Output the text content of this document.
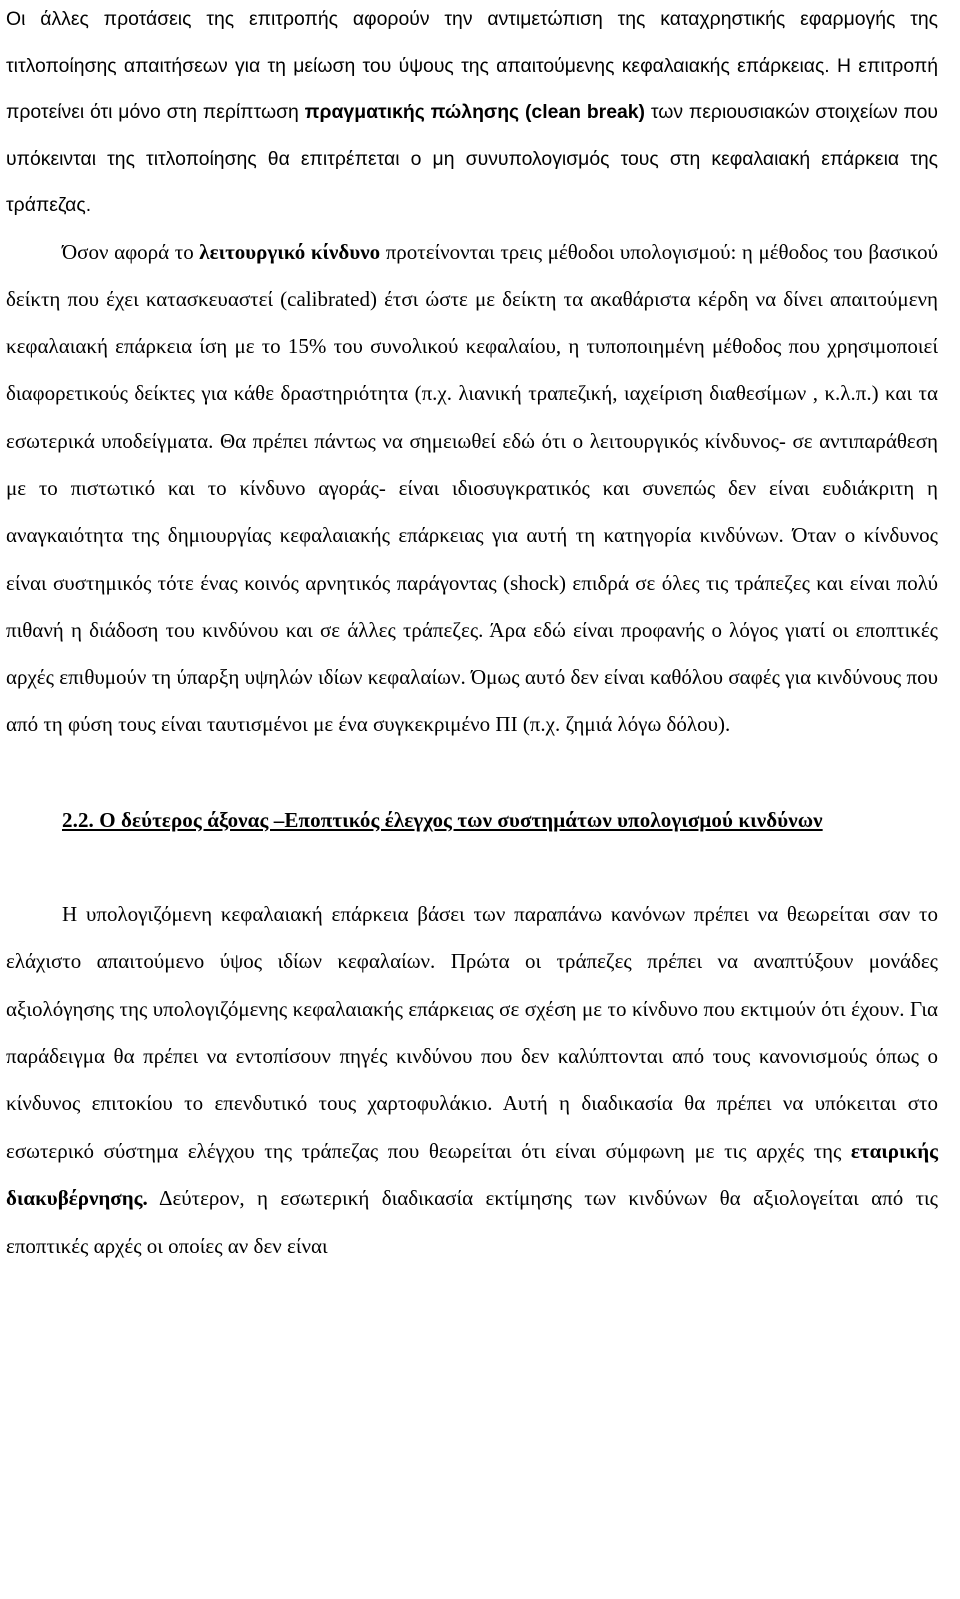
Οι άλλες προτάσεις της επιτροπής αφορούν την αντιμετώπιση της καταχρηστικής εφαρμογής της τιτλοποίησης απαιτήσεων για τη μείωση του ύψους της απαιτούμενης κεφαλαιακής επάρκειας. Η επιτροπή προτείνει ότι μόνο στη περίπτωση πραγματικής πώλησης (clean break) των περιουσιακών στοιχείων που υπόκεινται της τιτλοποίησης θα επιτρέπεται ο μη συνυπολογισμός τους στη κεφαλαιακή επάρκεια της τράπεζας.

Όσον αφορά το λειτουργικό κίνδυνο προτείνονται τρεις μέθοδοι υπολογισμού: η μέθοδος του βασικού δείκτη που έχει κατασκευαστεί (calibrated) έτσι ώστε με δείκτη τα ακαθάριστα κέρδη να δίνει απαιτούμενη κεφαλαιακή επάρκεια ίση με το 15% του συνολικού κεφαλαίου, η τυποποιημένη μέθοδος που χρησιμοποιεί διαφορετικούς δείκτες για κάθε δραστηριότητα (π.χ. λιανική τραπεζική, ιαχείριση διαθεσίμων , κ.λ.π.) και τα εσωτερικά υποδείγματα. Θα πρέπει πάντως να σημειωθεί εδώ ότι ο λειτουργικός κίνδυνος- σε αντιπαράθεση με το πιστωτικό και το κίνδυνο αγοράς- είναι ιδιοσυγκρατικός και συνεπώς δεν είναι ευδιάκριτη η αναγκαιότητα της δημιουργίας κεφαλαιακής επάρκειας για αυτή τη κατηγορία κινδύνων. Όταν ο κίνδυνος είναι συστημικός τότε ένας κοινός αρνητικός παράγοντας (shock) επιδρά σε όλες τις τράπεζες και είναι πολύ πιθανή η διάδοση του κινδύνου και σε άλλες τράπεζες. Άρα εδώ είναι προφανής ο λόγος γιατί οι εποπτικές αρχές επιθυμούν τη ύπαρξη υψηλών ιδίων κεφαλαίων. Όμως αυτό δεν είναι καθόλου σαφές για κινδύνους που από τη φύση τους είναι ταυτισμένοι με ένα συγκεκριμένο ΠΙ (π.χ. ζημιά λόγω δόλου).

2.2. Ο δεύτερος άξονας –Εποπτικός έλεγχος των συστημάτων υπολογισμού κινδύνων

Η υπολογιζόμενη κεφαλαιακή επάρκεια βάσει των παραπάνω κανόνων πρέπει να θεωρείται σαν το ελάχιστο απαιτούμενο ύψος ιδίων κεφαλαίων. Πρώτα οι τράπεζες πρέπει να αναπτύξουν μονάδες αξιολόγησης της υπολογιζόμενης κεφαλαιακής επάρκειας σε σχέση με το κίνδυνο που εκτιμούν ότι έχουν. Για παράδειγμα θα πρέπει να εντοπίσουν πηγές κινδύνου που δεν καλύπτονται από τους κανονισμούς όπως ο κίνδυνος επιτοκίου το επενδυτικό τους χαρτοφυλάκιο. Αυτή η διαδικασία θα πρέπει να υπόκειται στο εσωτερικό σύστημα ελέγχου της τράπεζας που θεωρείται ότι είναι σύμφωνη με τις αρχές της εταιρικής διακυβέρνησης. Δεύτερον, η εσωτερική διαδικασία εκτίμησης των κινδύνων θα αξιολογείται από τις εποπτικές αρχές οι οποίες αν δεν είναι
